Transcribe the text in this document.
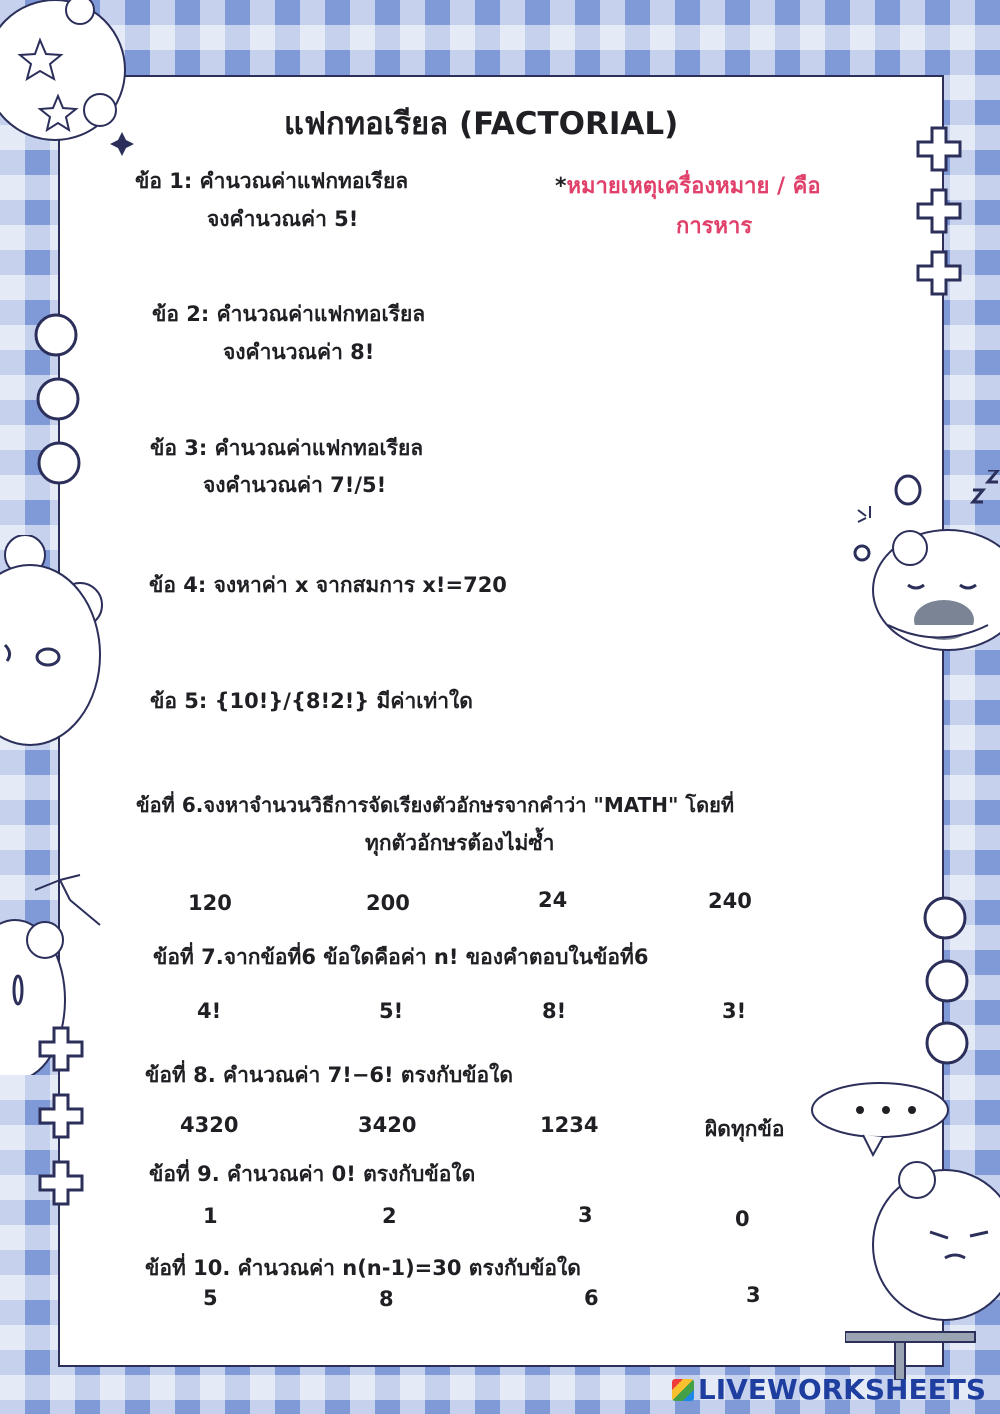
แฟกทอเรียล (FACTORIAL)
*หมายเหตุเครื่องหมาย / คือ
การหาร
ข้อ 1: คำนวณค่าแฟกทอเรียล
จงคำนวณค่า 5!
ข้อ 2: คำนวณค่าแฟกทอเรียล
จงคำนวณค่า 8!
ข้อ 3: คำนวณค่าแฟกทอเรียล
จงคำนวณค่า 7!/5!
ข้อ 4: จงหาค่า x จากสมการ x!=720
ข้อ 5: {10!}/{8!2!} มีค่าเท่าใด
ข้อที่ 6.จงหาจำนวนวิธีการจัดเรียงตัวอักษรจากคำว่า "MATH" โดยที่
ทุกตัวอักษรต้องไม่ซ้ำ
120	200	24	240
ข้อที่ 7.จากข้อที่6 ข้อใดคือค่า n! ของคำตอบในข้อที่6
4!	5!	8!	3!
ข้อที่ 8. คำนวณค่า 7!−6! ตรงกับข้อใด
4320	3420	1234	ผิดทุกข้อ
ข้อที่ 9. คำนวณค่า 0! ตรงกับข้อใด
1	2	3	0
ข้อที่ 10. คำนวณค่า n(n-1)=30 ตรงกับข้อใด
5	8	6	3
LIVEWORKSHEETS
